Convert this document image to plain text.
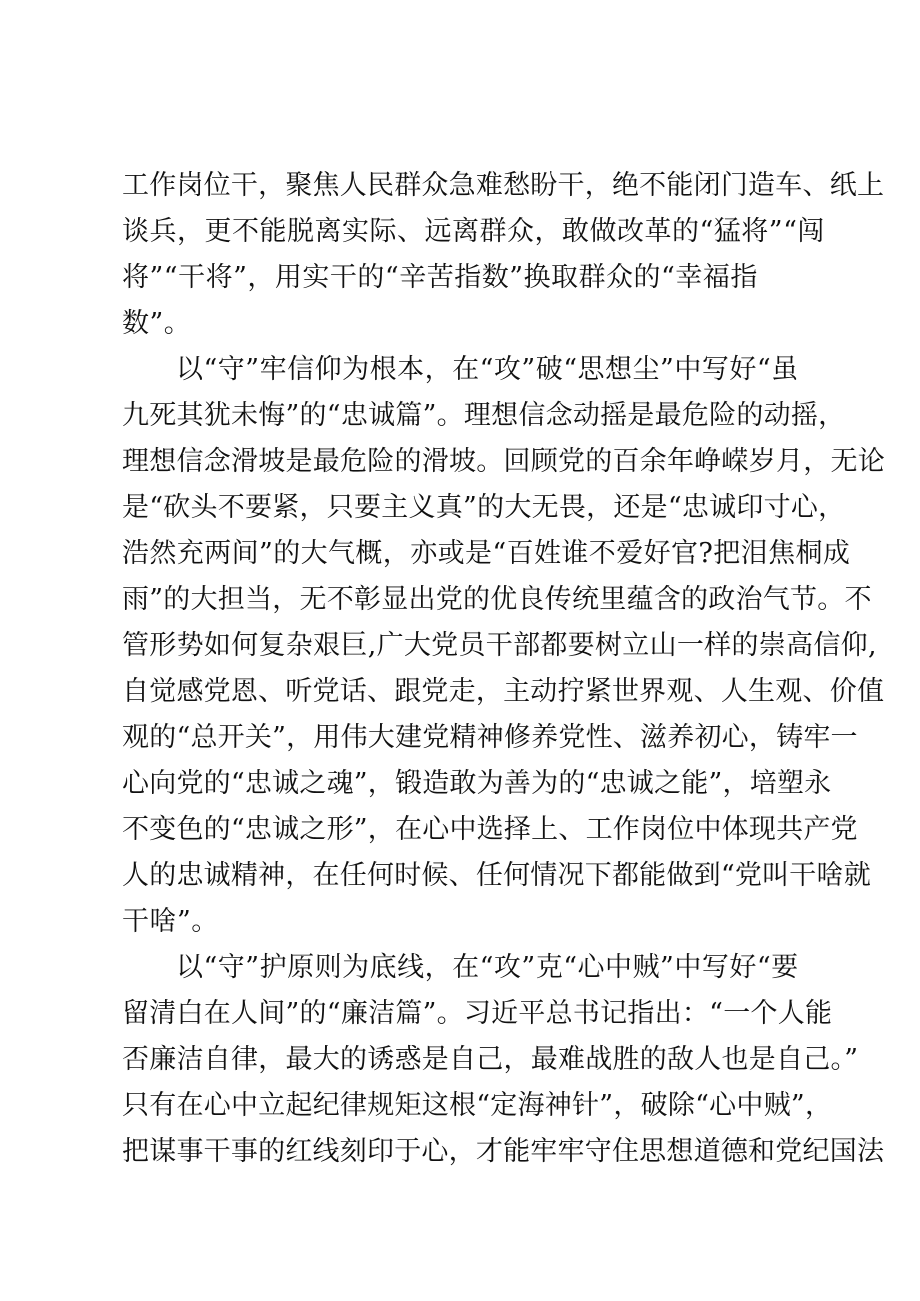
工作岗位干，聚焦人民群众急难愁盼干，绝不能闭门造车、纸上
谈兵，更不能脱离实际、远离群众，敢做改革的“猛将”“闯
将”“干将”，用实干的“辛苦指数”换取群众的“幸福指
数”。
以“守”牢信仰为根本，在“攻”破“思想尘”中写好“虽
九死其犹未悔”的“忠诚篇”。理想信念动摇是最危险的动摇，
理想信念滑坡是最危险的滑坡。回顾党的百余年峥嵘岁月，无论
是“砍头不要紧，只要主义真”的大无畏，还是“忠诚印寸心，
浩然充两间”的大气概，亦或是“百姓谁不爱好官?把泪焦桐成
雨”的大担当，无不彰显出党的优良传统里蕴含的政治气节。不
管形势如何复杂艰巨,广大党员干部都要树立山一样的崇高信仰,
自觉感党恩、听党话、跟党走，主动拧紧世界观、人生观、价值
观的“总开关”，用伟大建党精神修养党性、滋养初心，铸牢一
心向党的“忠诚之魂”，锻造敢为善为的“忠诚之能”，培塑永
不变色的“忠诚之形”，在心中选择上、工作岗位中体现共产党
人的忠诚精神，在任何时候、任何情况下都能做到“党叫干啥就
干啥”。
以“守”护原则为底线，在“攻”克“心中贼”中写好“要
留清白在人间”的“廉洁篇”。习近平总书记指出：“一个人能
否廉洁自律，最大的诱惑是自己，最难战胜的敌人也是自己。”
只有在心中立起纪律规矩这根“定海神针”，破除“心中贼”，
把谋事干事的红线刻印于心，才能牢牢守住思想道德和党纪国法
